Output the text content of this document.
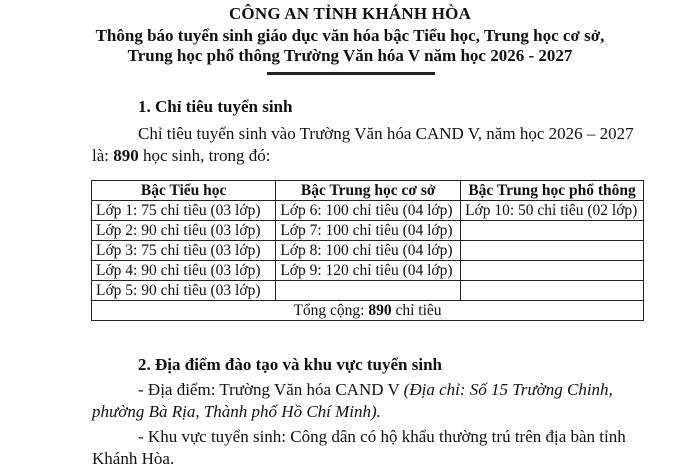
CÔNG AN TỈNH KHÁNH HÒA
Thông báo tuyển sinh giáo dục văn hóa bậc Tiểu học, Trung học cơ sở,
Trung học phổ thông Trường Văn hóa V năm học 2026 - 2027
1. Chỉ tiêu tuyển sinh
Chỉ tiêu tuyển sinh vào Trường Văn hóa CAND V, năm học 2026 – 2027
là: 890 học sinh, trong đó:
Bậc Tiểu học	Bậc Trung học cơ sở	Bậc Trung học phổ thông
Lớp 1: 75 chỉ tiêu (03 lớp)	Lớp 6: 100 chỉ tiêu (04 lớp)	Lớp 10: 50 chỉ tiêu (02 lớp)
Lớp 2: 90 chỉ tiêu (03 lớp)	Lớp 7: 100 chỉ tiêu (04 lớp)	
Lớp 3: 75 chỉ tiêu (03 lớp)	Lớp 8: 100 chỉ tiêu (04 lớp)	
Lớp 4: 90 chỉ tiêu (03 lớp)	Lớp 9: 120 chỉ tiêu (04 lớp)	
Lớp 5: 90 chỉ tiêu (03 lớp)		
Tổng cộng: 890 chỉ tiêu		
2. Địa điểm đào tạo và khu vực tuyển sinh
- Địa điểm: Trường Văn hóa CAND V (Địa chỉ: Số 15 Trường Chinh,
phường Bà Rịa, Thành phố Hồ Chí Minh).
- Khu vực tuyển sinh: Công dân có hộ khẩu thường trú trên địa bàn tỉnh
Khánh Hòa.
